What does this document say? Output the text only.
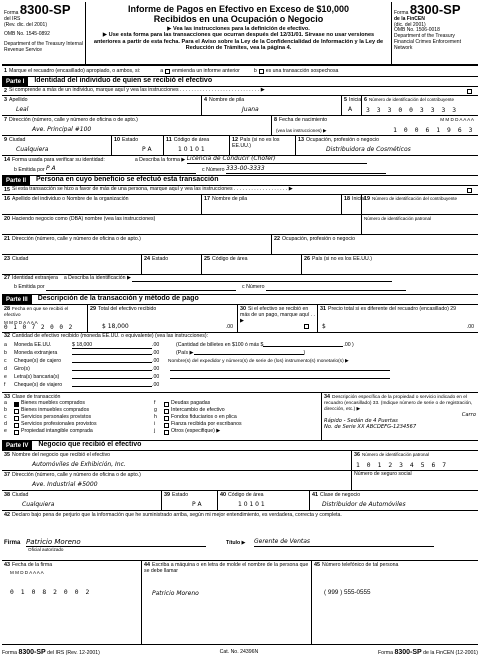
Forma 8300-SP
del IRS
(Rev. dic. del 2001)
OMB No. 1545-0892
Department of the Treasury Internal Revenue Service
Informe de Pagos en Efectivo en Exceso de $10,000
Recibidos en una Ocupación o Negocio
▶ Vea las instrucciones para la definición de efectivo.
▶ Use esta forma para las transacciones que ocurran después del 12/31/01. Sírvase no usar versiones anteriores a partir de esta fecha. Para el Aviso sobre la Ley de la Confidencialidad de Información y la Ley de Reducción de Trámites, vea la página 4.
Forma 8300-SP
de la FinCEN
(dic. del 2001)
OMB No. 1506-0018
Department of the Treasury Financial Crimes Enforcement Network
1 Marque el recuadro (encasillado) apropiado, o ambos, si:	a enmienda un informe anterior	b es una transacción sospechosa
Parte I	Identidad del individuo de quien se recibió el efectivo
2 Si comprende a más de un individuo, marque aquí y vea las instrucciones . . . . . . . . . . . . . . . . . . . . . . . . . . . . ▶
3 Apellido
Leal
4 Nombre de pila
Juana
5 Inicial
A
6 Número de identificación del contribuyente
3 3 3 0 0 3 3 3 3
7 Dirección (número, calle y número de oficina o de apto.)
Ave. Principal #100
8 Fecha de nacimiento	M M D D A A A A
(vea las instrucciones) ▶	1 0 0 6 1 9 6 3
9 Ciudad
Cualquiera
10 Estado
P A
11 Código de área
1 0 1 0 1
12 País (si no es los EE.UU.)
13 Ocupación, profesión o negocio
Distribuidora de Cosméticos
14 Forma usada para verificar su identidad:	a Describa la forma ▶ Licencia de Conducir (Chofer)
b Emitida por P A	c Número 333-00-3333
Parte II	Persona en cuyo beneficio se efectuó esta transacción
15 Si esta transacción se hizo a favor de más de una persona, marque aquí y vea las instrucciones . . . . . . . . . . . . . . . . . . . ▶
16 Apellido del individuo o Nombre de la organización	17 Nombre de pila	18 Inicial
19 Número de identificación del contribuyente
20 Haciendo negocio como (DBA) nombre (vea las instrucciones)	Número de identificación patronal
21 Dirección (número, calle y número de oficina o de apto.)	22 Ocupación, profesión o negocio
23 Ciudad	24 Estado	25 Código de área	26 País (si no es los EE.UU.)
27 Identidad extranjera a Describa la identificación ▶
b Emitida por	c Número
Parte III	Descripción de la transacción y método de pago
28 Fecha en que se recibió el efectivo
M M D D A A A A
0 1 0 7 2 0 0 2
29 Total del efectivo recibido
$ 18,000	.00
30 Si el efectivo se recibió en más de un pago, marque aquí . . ▶
31 Precio total si es diferente del recuadro (encasillado) 29
$	.00
32 Cantidad de efectivo recibido (moneda EE.UU. o equivalente) (vea las instrucciones):
a	Moneda EE.UU.	$ 18,000	.00	(Cantidad de billetes en $100 ó más $	.00 )
b	Moneda extranjera	.00	(País ▶	)
c	Cheque(s) de cajero	.00	Nombre(s) del expedidor y número(s) de serie de (los) instrumento(s) monetario(s) ▶
d	Giro(s)	.00
e	Letra(s) bancaria(s)	.00
f	Cheque(s) de viajero	.00
33 Clase de transacción
a	Bienes muebles comprados
b	Bienes inmuebles comprados
c	Servicios personales provistos
d	Servicios profesionales provistos
e	Propiedad intangible comprada
f	Deudas pagadas
g	Intercambio de efectivo
h	Fondos fiduciarios o en plica
i	Fianza recibida por escribanos
j	Otros (especifique) ▶
34 Descripción específica de la propiedad o servicio indicado en el recuadro (encasillado) 33. (Indique número de serie o de registración, dirección, etc.) ▶
Carro
Rápido - Sedán de 4 Puertas
No. de Serie XX ABCDEFG-1234567
Parte IV	Negocio que recibió el efectivo
35 Nombre del negocio que recibió el efectivo
Automóviles de Exhibición, Inc.
36 Número de identificación patronal
1 0 1 2 3 4 5 6 7
37 Dirección (número, calle y número de oficina o de apto.)
Ave. Industrial #5000
Número de seguro social
38 Ciudad
Cualquiera
39 Estado
P A
40 Código de área
1 0 1 0 1
41 Clase de negocio
Distribuidor de Automóviles
42 Declaro bajo pena de perjurio que la información que he suministrado arriba, según mi mejor entendimiento, es verdadera, correcta y completa.
Firma Patricio Moreno	Título ▶	Gerente de Ventas
Oficial autorizado
43 Fecha de la firma
M M D D A A A A
0 1 0 8 2 0 0 2
44 Escriba a máquina o en letra de molde el nombre de la persona que se debe llamar
Patricio Moreno
45 Número telefónico de tal persona
( 999 ) 555-0555
Forma 8300-SP del IRS (Rev. 12-2001)	Cat. No. 24396N	Forma 8300-SP de la FinCEN (12-2001)
